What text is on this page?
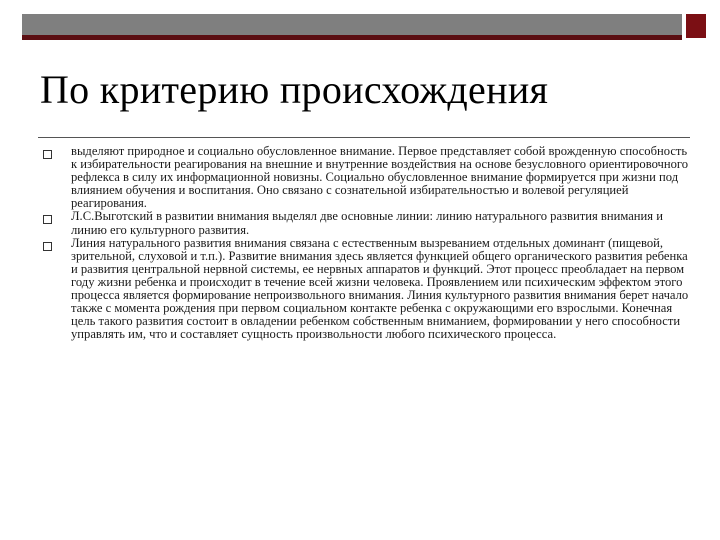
По критерию происхождения
выделяют природное и социально обусловленное внимание. Первое представляет собой врожденную способность к избирательности реагирования на внешние и внутренние воздействия на основе безусловного ориентировочного рефлекса в силу их информационной новизны. Социально обусловленное внимание формируется при жизни под влиянием обучения и воспитания. Оно связано с сознательной избирательностью и волевой регуляцией реагирования.
Л.С.Выготский в развитии внимания выделял две основные линии: линию натурального развития внимания и линию его культурного развития.
Линия натурального развития внимания связана с естественным вызреванием отдельных доминант (пищевой, зрительной, слуховой и т.п.). Развитие внимания здесь является функцией общего органического развития ребенка и развития центральной нервной системы, ее нервных аппаратов и функций. Этот процесс преобладает на первом году жизни ребенка и происходит в течение всей жизни человека. Проявлением или психическим эффектом этого процесса является формирование непроизвольного внимания. Линия культурного развития внимания берет начало также с момента рождения при первом социальном контакте ребенка с окружающими его взрослыми. Конечная цель такого развития состоит в овладении ребенком собственным вниманием, формировании у него способности управлять им, что и составляет сущность произвольности любого психического процесса.
